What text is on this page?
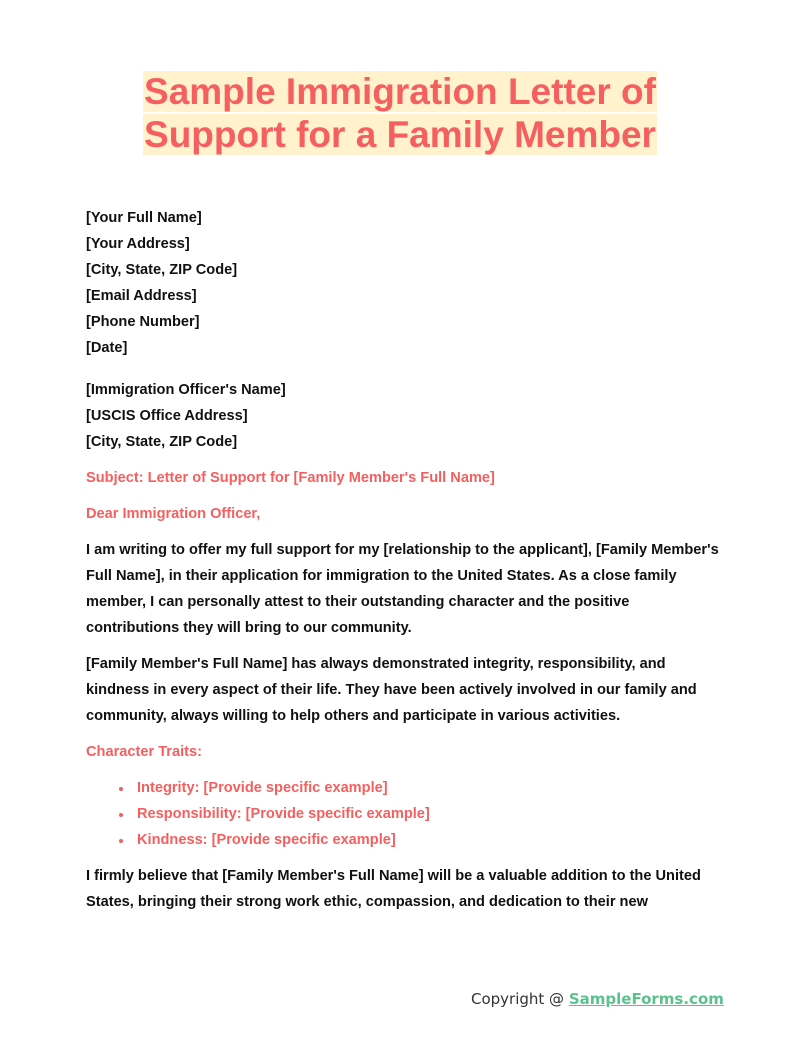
Sample Immigration Letter of
Support for a Family Member
[Your Full Name]
[Your Address]
[City, State, ZIP Code]
[Email Address]
[Phone Number]
[Date]
[Immigration Officer's Name]
[USCIS Office Address]
[City, State, ZIP Code]

Subject: Letter of Support for [Family Member's Full Name]

Dear Immigration Officer,

I am writing to offer my full support for my [relationship to the applicant], [Family Member's Full Name], in their application for immigration to the United States. As a close family member, I can personally attest to their outstanding character and the positive contributions they will bring to our community.

[Family Member's Full Name] has always demonstrated integrity, responsibility, and kindness in every aspect of their life. They have been actively involved in our family and community, always willing to help others and participate in various activities.

Character Traits:

• Integrity: [Provide specific example]
• Responsibility: [Provide specific example]
• Kindness: [Provide specific example]

I firmly believe that [Family Member's Full Name] will be a valuable addition to the United States, bringing their strong work ethic, compassion, and dedication to their new

Copyright @ SampleForms.com
